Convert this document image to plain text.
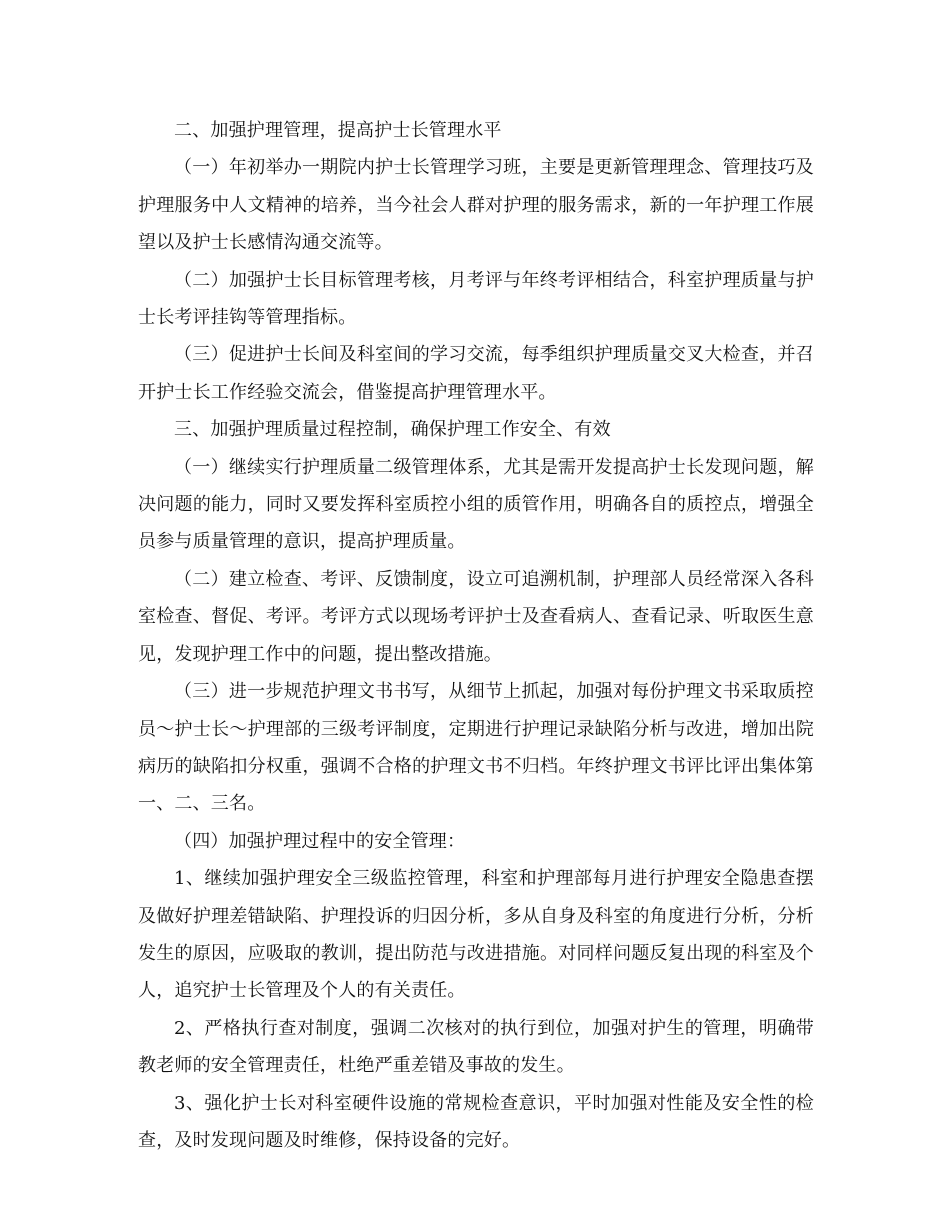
二、加强护理管理，提高护士长管理水平

（一）年初举办一期院内护士长管理学习班，主要是更新管理理念、管理技巧及护理服务中人文精神的培养，当今社会人群对护理的服务需求，新的一年护理工作展望以及护士长感情沟通交流等。

（二）加强护士长目标管理考核，月考评与年终考评相结合，科室护理质量与护士长考评挂钩等管理指标。

（三）促进护士长间及科室间的学习交流，每季组织护理质量交叉大检查，并召开护士长工作经验交流会，借鉴提高护理管理水平。

三、加强护理质量过程控制，确保护理工作安全、有效

（一）继续实行护理质量二级管理体系，尤其是需开发提高护士长发现问题，解决问题的能力，同时又要发挥科室质控小组的质管作用，明确各自的质控点，增强全员参与质量管理的意识，提高护理质量。

（二）建立检查、考评、反馈制度，设立可追溯机制，护理部人员经常深入各科室检查、督促、考评。考评方式以现场考评护士及查看病人、查看记录、听取医生意见，发现护理工作中的问题，提出整改措施。

（三）进一步规范护理文书书写，从细节上抓起，加强对每份护理文书采取质控员～护士长～护理部的三级考评制度，定期进行护理记录缺陷分析与改进，增加出院病历的缺陷扣分权重，强调不合格的护理文书不归档。年终护理文书评比评出集体第一、二、三名。

（四）加强护理过程中的安全管理：

1、继续加强护理安全三级监控管理，科室和护理部每月进行护理安全隐患查摆及做好护理差错缺陷、护理投诉的归因分析，多从自身及科室的角度进行分析，分析发生的原因，应吸取的教训，提出防范与改进措施。对同样问题反复出现的科室及个人，追究护士长管理及个人的有关责任。

2、严格执行查对制度，强调二次核对的执行到位，加强对护生的管理，明确带教老师的安全管理责任，杜绝严重差错及事故的发生。

3、强化护士长对科室硬件设施的常规检查意识，平时加强对性能及安全性的检查，及时发现问题及时维修，保持设备的完好。
